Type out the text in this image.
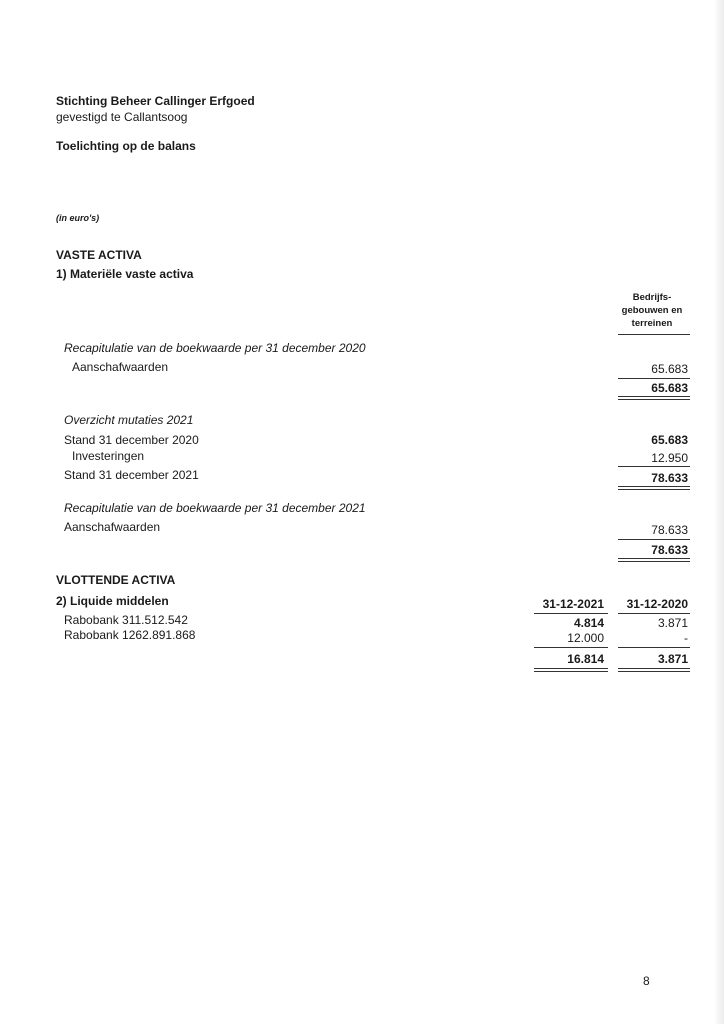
Stichting Beheer Callinger Erfgoed
gevestigd te Callantsoog
Toelichting op de balans
(in euro's)
VASTE ACTIVA
1) Materiële vaste activa
Bedrijfs-
gebouwen en
terreinen
Recapitulatie van de boekwaarde per 31 december 2020
Aanschafwaarden	65.683
65.683
Overzicht mutaties 2021
Stand 31 december 2020	65.683
Investeringen	12.950
Stand 31 december 2021	78.633
Recapitulatie van de boekwaarde per 31 december 2021
Aanschafwaarden	78.633
78.633
VLOTTENDE ACTIVA
2) Liquide middelen	31-12-2021	31-12-2020
Rabobank 311.512.542	4.814	3.871
Rabobank 1262.891.868	12.000	-
16.814	3.871
8
